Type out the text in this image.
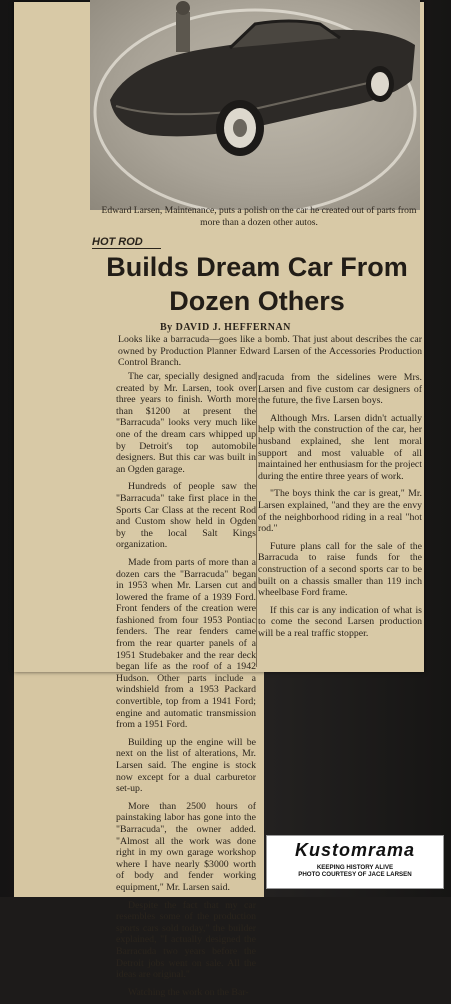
Edward Larsen, Maintenance, puts a polish on the car he created out of parts from more than a dozen other autos.
HOT ROD
Builds Dream Car From Dozen Others
By DAVID J. HEFFERNAN
Looks like a barracuda—goes like a bomb. That just about describes the car owned by Production Planner Edward Larsen of the Accessories Production Control Branch.

The car, specially designed and created by Mr. Larsen, took over three years to finish. Worth more than $1200 at present the "Barracuda" looks very much like one of the dream cars whipped up by Detroit's top automobile designers. But this car was built in an Ogden garage.

Hundreds of people saw the "Barracuda" take first place in the Sports Car Class at the recent Rod and Custom show held in Ogden by the local Salt Kings organization.

Made from parts of more than a dozen cars the "Barracuda" began in 1953 when Mr. Larsen cut and lowered the frame of a 1939 Ford. Front fenders of the creation were fashioned from four 1953 Pontiac fenders. The rear fenders came from the rear quarter panels of a 1951 Studebaker and the rear deck began life as the roof of a 1942 Hudson. Other parts include a windshield from a 1953 Packard convertible, top from a 1941 Ford; engine and automatic transmission from a 1951 Ford.

Building up the engine will be next on the list of alterations, Mr. Larsen said. The engine is stock now except for a dual carburetor set-up.

More than 2500 hours of painstaking labor has gone into the "Barracuda", the owner added. "Almost all the work was done right in my own garage workshop where I have nearly $3000 worth of body and fender working equipment," Mr. Larsen said.

Despite the fact that my car resembles some of the production sports cars sold today," the builder explained, "I actually designed the Barracuda two years before the Detroit jobs went on sale. All the ideas are original."

Watching the work on the Bar-

racuda from the sidelines were Mrs. Larsen and five custom car designers of the future, the five Larsen boys.

Although Mrs. Larsen didn't actually help with the construction of the car, her husband explained, she lent moral support and most valuable of all maintained her enthusiasm for the project during the entire three years of work.

"The boys think the car is great," Mr. Larsen explained, "and they are the envy of the neighborhood riding in a real "hot rod."

Future plans call for the sale of the Barracuda to raise funds for the construction of a second sports car to be built on a chassis smaller than 119 inch wheelbase Ford frame.

If this car is any indication of what is to come the second Larsen production will be a real traffic stopper.

Kustomrama
KEEPING HISTORY ALIVE
PHOTO COURTESY OF JACE LARSEN
